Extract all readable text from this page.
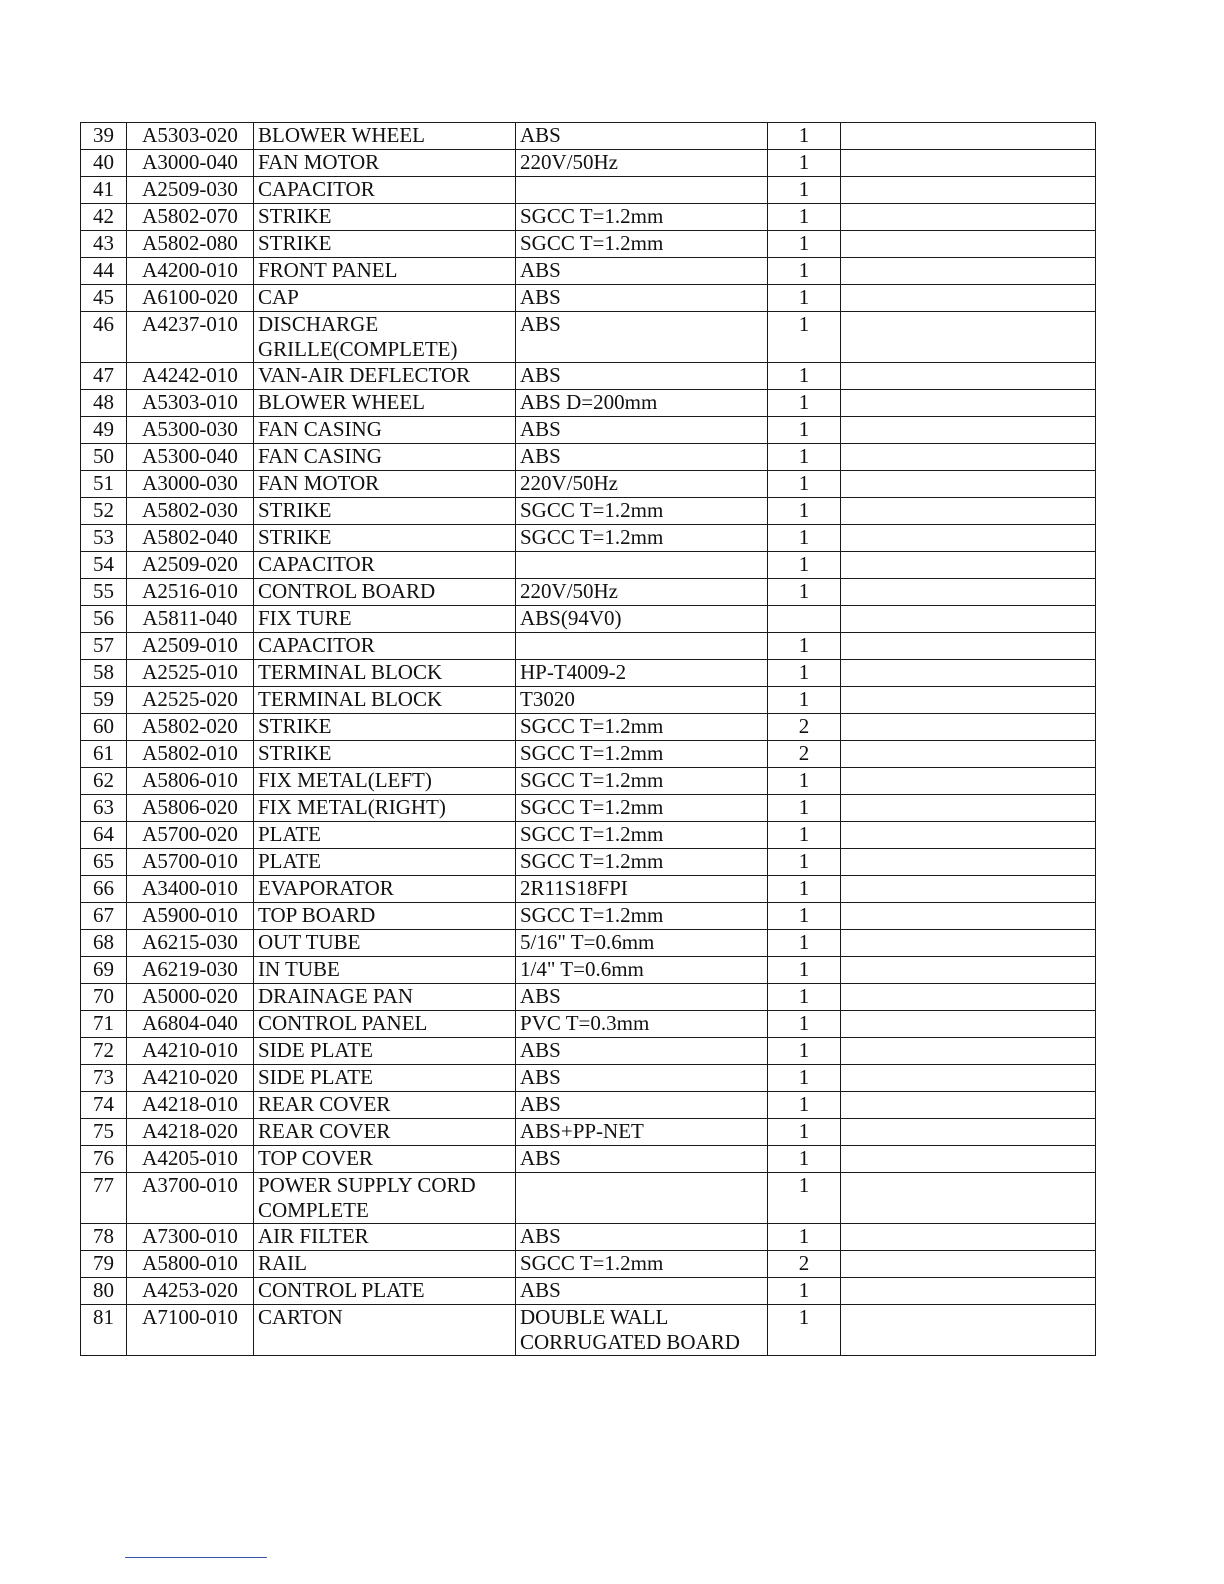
39	A5303-020	BLOWER WHEEL	ABS	1	
40	A3000-040	FAN MOTOR	220V/50Hz	1	
41	A2509-030	CAPACITOR		1	
42	A5802-070	STRIKE	SGCC T=1.2mm	1	
43	A5802-080	STRIKE	SGCC T=1.2mm	1	
44	A4200-010	FRONT PANEL	ABS	1	
45	A6100-020	CAP	ABS	1	
46	A4237-010	DISCHARGE GRILLE(COMPLETE)	ABS	1	
47	A4242-010	VAN-AIR DEFLECTOR	ABS	1	
48	A5303-010	BLOWER WHEEL	ABS D=200mm	1	
49	A5300-030	FAN CASING	ABS	1	
50	A5300-040	FAN CASING	ABS	1	
51	A3000-030	FAN MOTOR	220V/50Hz	1	
52	A5802-030	STRIKE	SGCC T=1.2mm	1	
53	A5802-040	STRIKE	SGCC T=1.2mm	1	
54	A2509-020	CAPACITOR		1	
55	A2516-010	CONTROL BOARD	220V/50Hz	1	
56	A5811-040	FIX TURE	ABS(94V0)		
57	A2509-010	CAPACITOR		1	
58	A2525-010	TERMINAL BLOCK	HP-T4009-2	1	
59	A2525-020	TERMINAL BLOCK	T3020	1	
60	A5802-020	STRIKE	SGCC T=1.2mm	2	
61	A5802-010	STRIKE	SGCC T=1.2mm	2	
62	A5806-010	FIX METAL(LEFT)	SGCC T=1.2mm	1	
63	A5806-020	FIX METAL(RIGHT)	SGCC T=1.2mm	1	
64	A5700-020	PLATE	SGCC T=1.2mm	1	
65	A5700-010	PLATE	SGCC T=1.2mm	1	
66	A3400-010	EVAPORATOR	2R11S18FPI	1	
67	A5900-010	TOP BOARD	SGCC T=1.2mm	1	
68	A6215-030	OUT TUBE	5/16" T=0.6mm	1	
69	A6219-030	IN TUBE	1/4" T=0.6mm	1	
70	A5000-020	DRAINAGE PAN	ABS	1	
71	A6804-040	CONTROL PANEL	PVC T=0.3mm	1	
72	A4210-010	SIDE PLATE	ABS	1	
73	A4210-020	SIDE PLATE	ABS	1	
74	A4218-010	REAR COVER	ABS	1	
75	A4218-020	REAR COVER	ABS+PP-NET	1	
76	A4205-010	TOP COVER	ABS	1	
77	A3700-010	POWER SUPPLY CORD COMPLETE		1	
78	A7300-010	AIR FILTER	ABS	1	
79	A5800-010	RAIL	SGCC T=1.2mm	2	
80	A4253-020	CONTROL PLATE	ABS	1	
81	A7100-010	CARTON	DOUBLE WALL CORRUGATED BOARD	1	
